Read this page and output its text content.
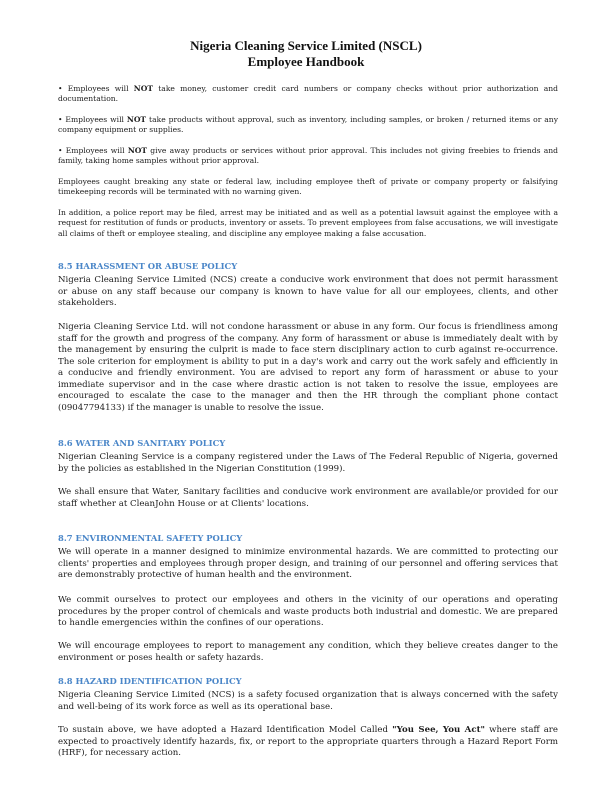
Nigeria Cleaning Service Limited (NSCL)
Employee Handbook
• Employees will NOT take money, customer credit card numbers or company checks without prior authorization and documentation.
• Employees will NOT take products without approval, such as inventory, including samples, or broken / returned items or any company equipment or supplies.
• Employees will NOT give away products or services without prior approval. This includes not giving freebies to friends and family, taking home samples without prior approval.
Employees caught breaking any state or federal law, including employee theft of private or company property or falsifying timekeeping records will be terminated with no warning given.
In addition, a police report may be filed, arrest may be initiated and as well as a potential lawsuit against the employee with a request for restitution of funds or products, inventory or assets. To prevent employees from false accusations, we will investigate all claims of theft or employee stealing, and discipline any employee making a false accusation.
8.5 HARASSMENT OR ABUSE POLICY
Nigeria Cleaning Service Limited (NCS) create a conducive work environment that does not permit harassment or abuse on any staff because our company is known to have value for all our employees, clients, and other stakeholders.
Nigeria Cleaning Service Ltd. will not condone harassment or abuse in any form. Our focus is friendliness among staff for the growth and progress of the company. Any form of harassment or abuse is immediately dealt with by the management by ensuring the culprit is made to face stern disciplinary action to curb against re-occurrence. The sole criterion for employment is ability to put in a day's work and carry out the work safely and efficiently in a conducive and friendly environment. You are advised to report any form of harassment or abuse to your immediate supervisor and in the case where drastic action is not taken to resolve the issue, employees are encouraged to escalate the case to the manager and then the HR through the compliant phone contact (09047794133) if the manager is unable to resolve the issue.
8.6 WATER AND SANITARY POLICY
Nigerian Cleaning Service is a company registered under the Laws of The Federal Republic of Nigeria, governed by the policies as established in the Nigerian Constitution (1999).
We shall ensure that Water, Sanitary facilities and conducive work environment are available/or provided for our staff whether at CleanJohn House or at Clients' locations.
8.7 ENVIRONMENTAL SAFETY POLICY
We will operate in a manner designed to minimize environmental hazards. We are committed to protecting our clients' properties and employees through proper design, and training of our personnel and offering services that are demonstrably protective of human health and the environment.
We commit ourselves to protect our employees and others in the vicinity of our operations and operating procedures by the proper control of chemicals and waste products both industrial and domestic. We are prepared to handle emergencies within the confines of our operations.
We will encourage employees to report to management any condition, which they believe creates danger to the environment or poses health or safety hazards.
8.8 HAZARD IDENTIFICATION POLICY
Nigeria Cleaning Service Limited (NCS) is a safety focused organization that is always concerned with the safety and well-being of its work force as well as its operational base.
To sustain above, we have adopted a Hazard Identification Model Called "You See, You Act" where staff are expected to proactively identify hazards, fix, or report to the appropriate quarters through a Hazard Report Form (HRF), for necessary action.
